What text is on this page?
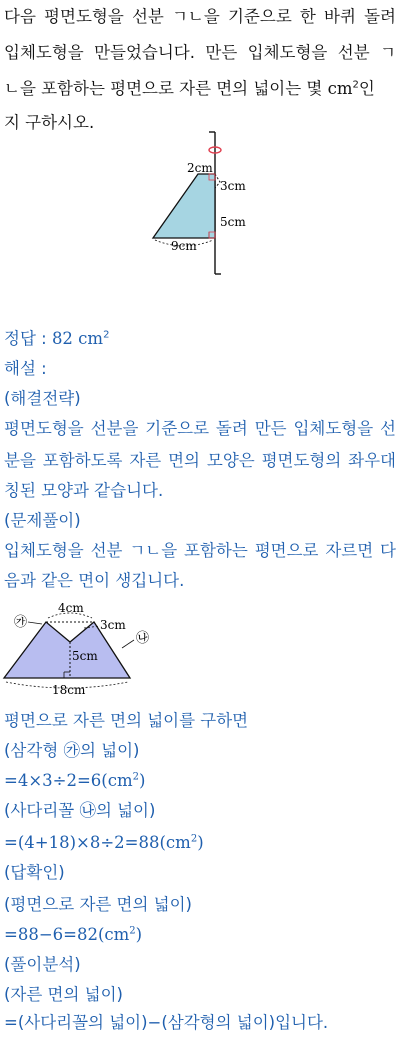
다음 평면도형을 선분 ㄱㄴ을 기준으로 한 바퀴 돌려
입체도형을 만들었습니다. 만든 입체도형을 선분 ㄱ
ㄴ을 포함하는 평면으로 자른 면의 넓이는 몇 $cm^2$인
지 구하시오.
2cm
3cm
5cm
9cm
정답 : 82 $cm^2$
해설 :
(해결전략)
평면도형을 선분을 기준으로 돌려 만든 입체도형을 선
분을 포함하도록 자른 면의 모양은 평면도형의 좌우대
칭된 모양과 같습니다.
(문제풀이)
입체도형을 선분 ㄱㄴ을 포함하는 평면으로 자르면 다
음과 같은 면이 생깁니다.
㉮
㉯
4cm
3cm
5cm
18cm
평면으로 자른 면의 넓이를 구하면
(삼각형 ㉮의 넓이)
$=4\times 3\div 2=6(cm^2)$
(사다리꼴 ㉯의 넓이)
$=(4+18)\times 8\div 2=88(cm^2)$
(답확인)
(평면으로 자른 면의 넓이)
$=88-6=82(cm^2)$
(풀이분석)
(자른 면의 넓이)
=(사다리꼴의 넓이)−(삼각형의 넓이)입니다.
